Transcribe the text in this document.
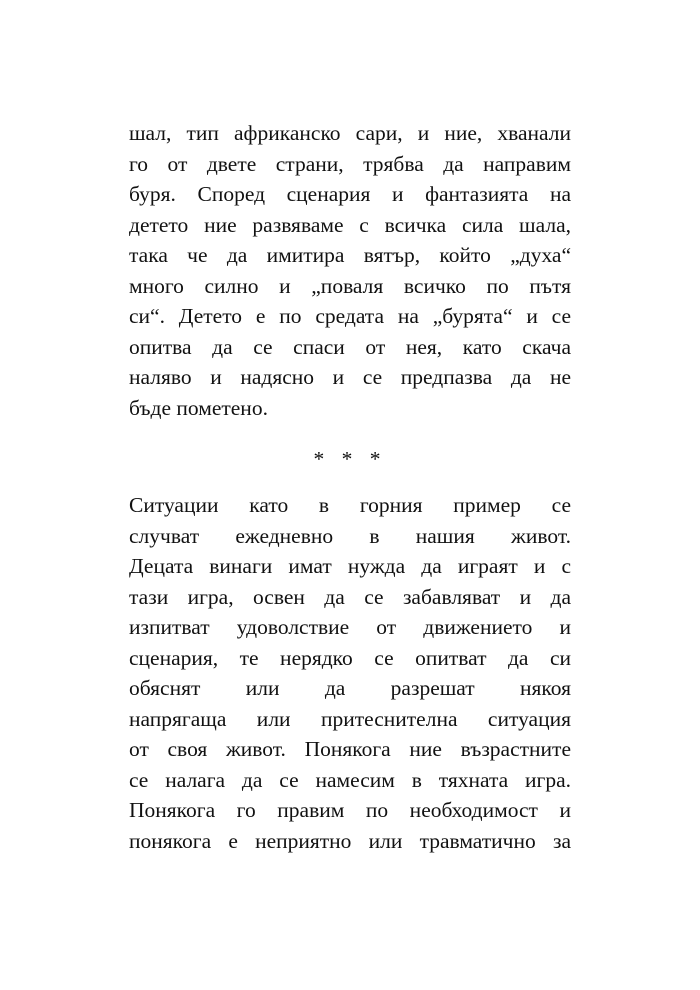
шал, тип африканско сари, и ние, хванали
го от двете страни, трябва да направим
буря. Според сценария и фантазията на
детето ние развяваме с всичка сила шала,
така че да имитира вятър, който „духа“
много силно и „поваля всичко по пътя
си“. Детето е по средата на „бурята“ и се
опитва да се спаси от нея, като скача
наляво и надясно и се предпазва да не
бъде пометено.
* * *
Ситуации като в горния пример се
случват ежедневно в нашия живот.
Децата винаги имат нужда да играят и с
тази игра, освен да се забавляват и да
изпитват удоволствие от движението и
сценария, те нерядко се опитват да си
обяснят или да разрешат някоя
напрягаща или притеснителна ситуация
от своя живот. Понякога ние възрастните
се налага да се намесим в тяхната игра.
Понякога го правим по необходимост и
понякога е неприятно или травматично за
